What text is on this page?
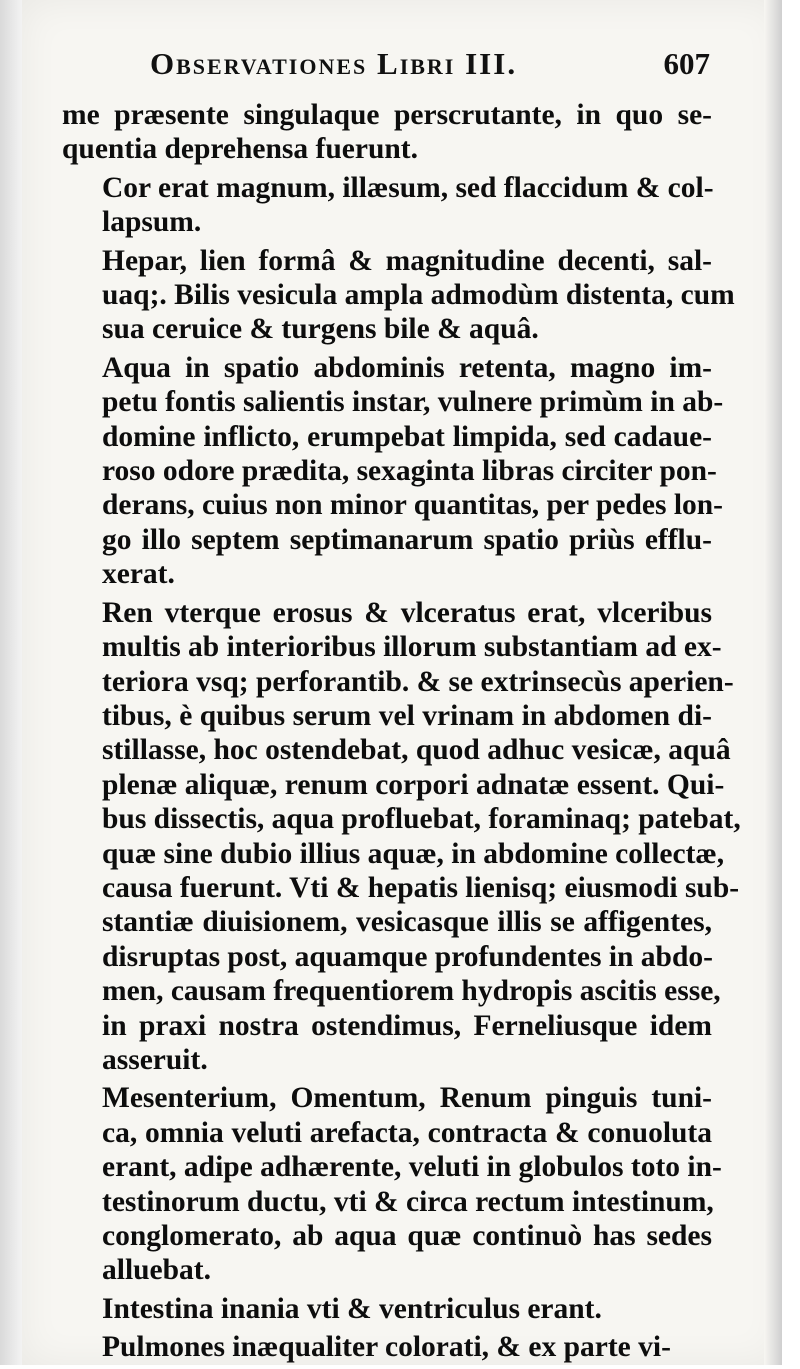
Observationes Libri III.	607
me præsente singulaque perscrutante, in quo se-
quentia deprehensa fuerunt.
Cor erat magnum, illæsum, sed flaccidum & col-
lapsum.
Hepar, lien formâ & magnitudine decenti, sal-
uaq;. Bilis vesicula ampla admodùm distenta, cum
sua ceruice & turgens bile & aquâ.
Aqua in spatio abdominis retenta, magno im-
petu fontis salientis instar, vulnere primùm in ab-
domine inflicto, erumpebat limpida, sed cadaue-
roso odore prædita, sexaginta libras circiter pon-
derans, cuius non minor quantitas, per pedes lon-
go illo septem septimanarum spatio priùs efflu-
xerat.
Ren vterque erosus & vlceratus erat, vlceribus
multis ab interioribus illorum substantiam ad ex-
teriora vsq; perforantib. & se extrinsecùs aperien-
tibus, è quibus serum vel vrinam in abdomen di-
stillasse, hoc ostendebat, quod adhuc vesicæ, aquâ
plenæ aliquæ, renum corpori adnatæ essent. Qui-
bus dissectis, aqua profluebat, foraminaq; patebat,
quæ sine dubio illius aquæ, in abdomine collectæ,
causa fuerunt. Vti & hepatis lienisq; eiusmodi sub-
stantiæ diuisionem, vesicasque illis se affigentes,
disruptas post, aquamque profundentes in abdo-
men, causam frequentiorem hydropis ascitis esse,
in praxi nostra ostendimus, Ferneliusque idem
asseruit.
Mesenterium, Omentum, Renum pinguis tuni-
ca, omnia veluti arefacta, contracta & conuoluta
erant, adipe adhærente, veluti in globulos toto in-
testinorum ductu, vti & circa rectum intestinum,
conglomerato, ab aqua quæ continuò has sedes
alluebat.
Intestina inania vti & ventriculus erant.
Pulmones inæqualiter colorati, & ex parte vi-
